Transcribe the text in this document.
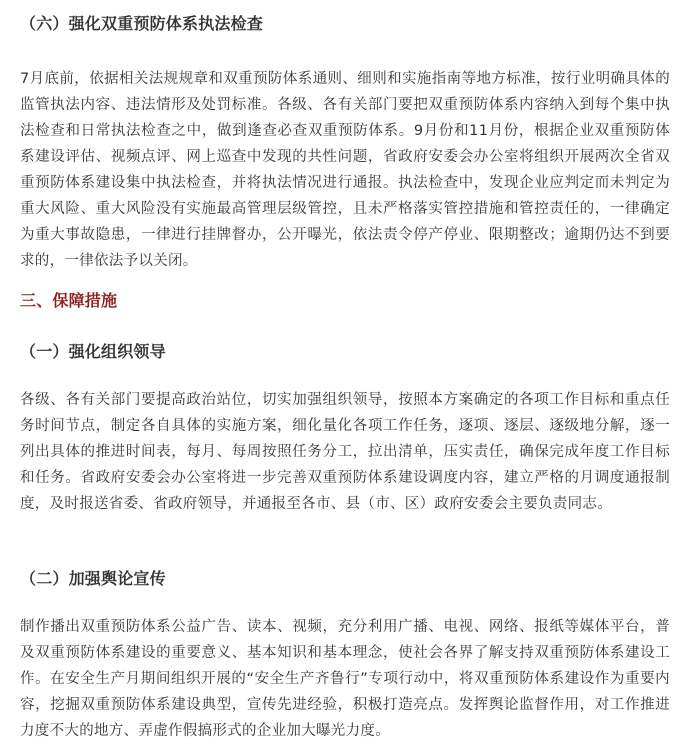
（六）强化双重预防体系执法检查

7月底前，依据相关法规规章和双重预防体系通则、细则和实施指南等地方标准，按行业明确具体的监管执法内容、违法情形及处罚标准。各级、各有关部门要把双重预防体系内容纳入到每个集中执法检查和日常执法检查之中，做到逢查必查双重预防体系。9月份和11月份，根据企业双重预防体系建设评估、视频点评、网上巡查中发现的共性问题，省政府安委会办公室将组织开展两次全省双重预防体系建设集中执法检查，并将执法情况进行通报。执法检查中，发现企业应判定而未判定为重大风险、重大风险没有实施最高管理层级管控，且未严格落实管控措施和管控责任的，一律确定为重大事故隐患，一律进行挂牌督办，公开曝光，依法责令停产停业、限期整改；逾期仍达不到要求的，一律依法予以关闭。

三、保障措施
（一）强化组织领导

各级、各有关部门要提高政治站位，切实加强组织领导，按照本方案确定的各项工作目标和重点任务时间节点，制定各自具体的实施方案，细化量化各项工作任务，逐项、逐层、逐级地分解，逐一列出具体的推进时间表，每月、每周按照任务分工，拉出清单，压实责任，确保完成年度工作目标和任务。省政府安委会办公室将进一步完善双重预防体系建设调度内容，建立严格的月调度通报制度，及时报送省委、省政府领导，并通报至各市、县（市、区）政府安委会主要负责同志。

（二）加强舆论宣传

制作播出双重预防体系公益广告、读本、视频，充分利用广播、电视、网络、报纸等媒体平台，普及双重预防体系建设的重要意义、基本知识和基本理念，使社会各界了解支持双重预防体系建设工作。在安全生产月期间组织开展的“安全生产齐鲁行”专项行动中，将双重预防体系建设作为重要内容，挖掘双重预防体系建设典型，宣传先进经验，积极打造亮点。发挥舆论监督作用，对工作推进力度不大的地方、弄虚作假搞形式的企业加大曝光力度。
